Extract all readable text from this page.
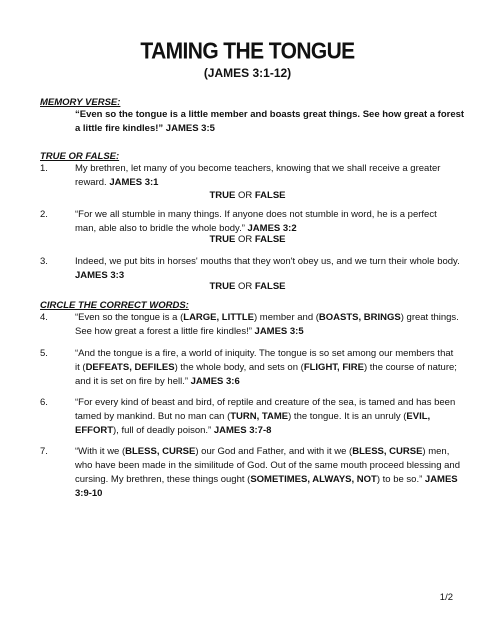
TAMING THE TONGUE
(JAMES 3:1-12)
MEMORY VERSE:
“Even so the tongue is a little member and boasts great things. See how great a forest a little fire kindles!” JAMES 3:5
TRUE OR FALSE:
1.	My brethren, let many of you become teachers, knowing that we shall receive a greater reward. JAMES 3:1
TRUE OR FALSE
2.	“For we all stumble in many things. If anyone does not stumble in word, he is a perfect man, able also to bridle the whole body.” JAMES 3:2
TRUE OR FALSE
3.	Indeed, we put bits in horses' mouths that they won't obey us, and we turn their whole body. JAMES 3:3
TRUE OR FALSE
CIRCLE THE CORRECT WORDS:
4.	“Even so the tongue is a (LARGE, LITTLE) member and (BOASTS, BRINGS) great things. See how great a forest a little fire kindles!” JAMES 3:5
5.	“And the tongue is a fire, a world of iniquity. The tongue is so set among our members that it (DEFEATS, DEFILES) the whole body, and sets on (FLIGHT, FIRE) the course of nature; and it is set on fire by hell.” JAMES 3:6
6.	“For every kind of beast and bird, of reptile and creature of the sea, is tamed and has been tamed by mankind. But no man can (TURN, TAME) the tongue. It is an unruly (EVIL, EFFORT), full of deadly poison.” JAMES 3:7-8
7.	“With it we (BLESS, CURSE) our God and Father, and with it we (BLESS, CURSE) men, who have been made in the similitude of God. Out of the same mouth proceed blessing and cursing. My brethren, these things ought (SOMETIMES, ALWAYS, NOT) to be so.” JAMES 3:9-10
1/2
